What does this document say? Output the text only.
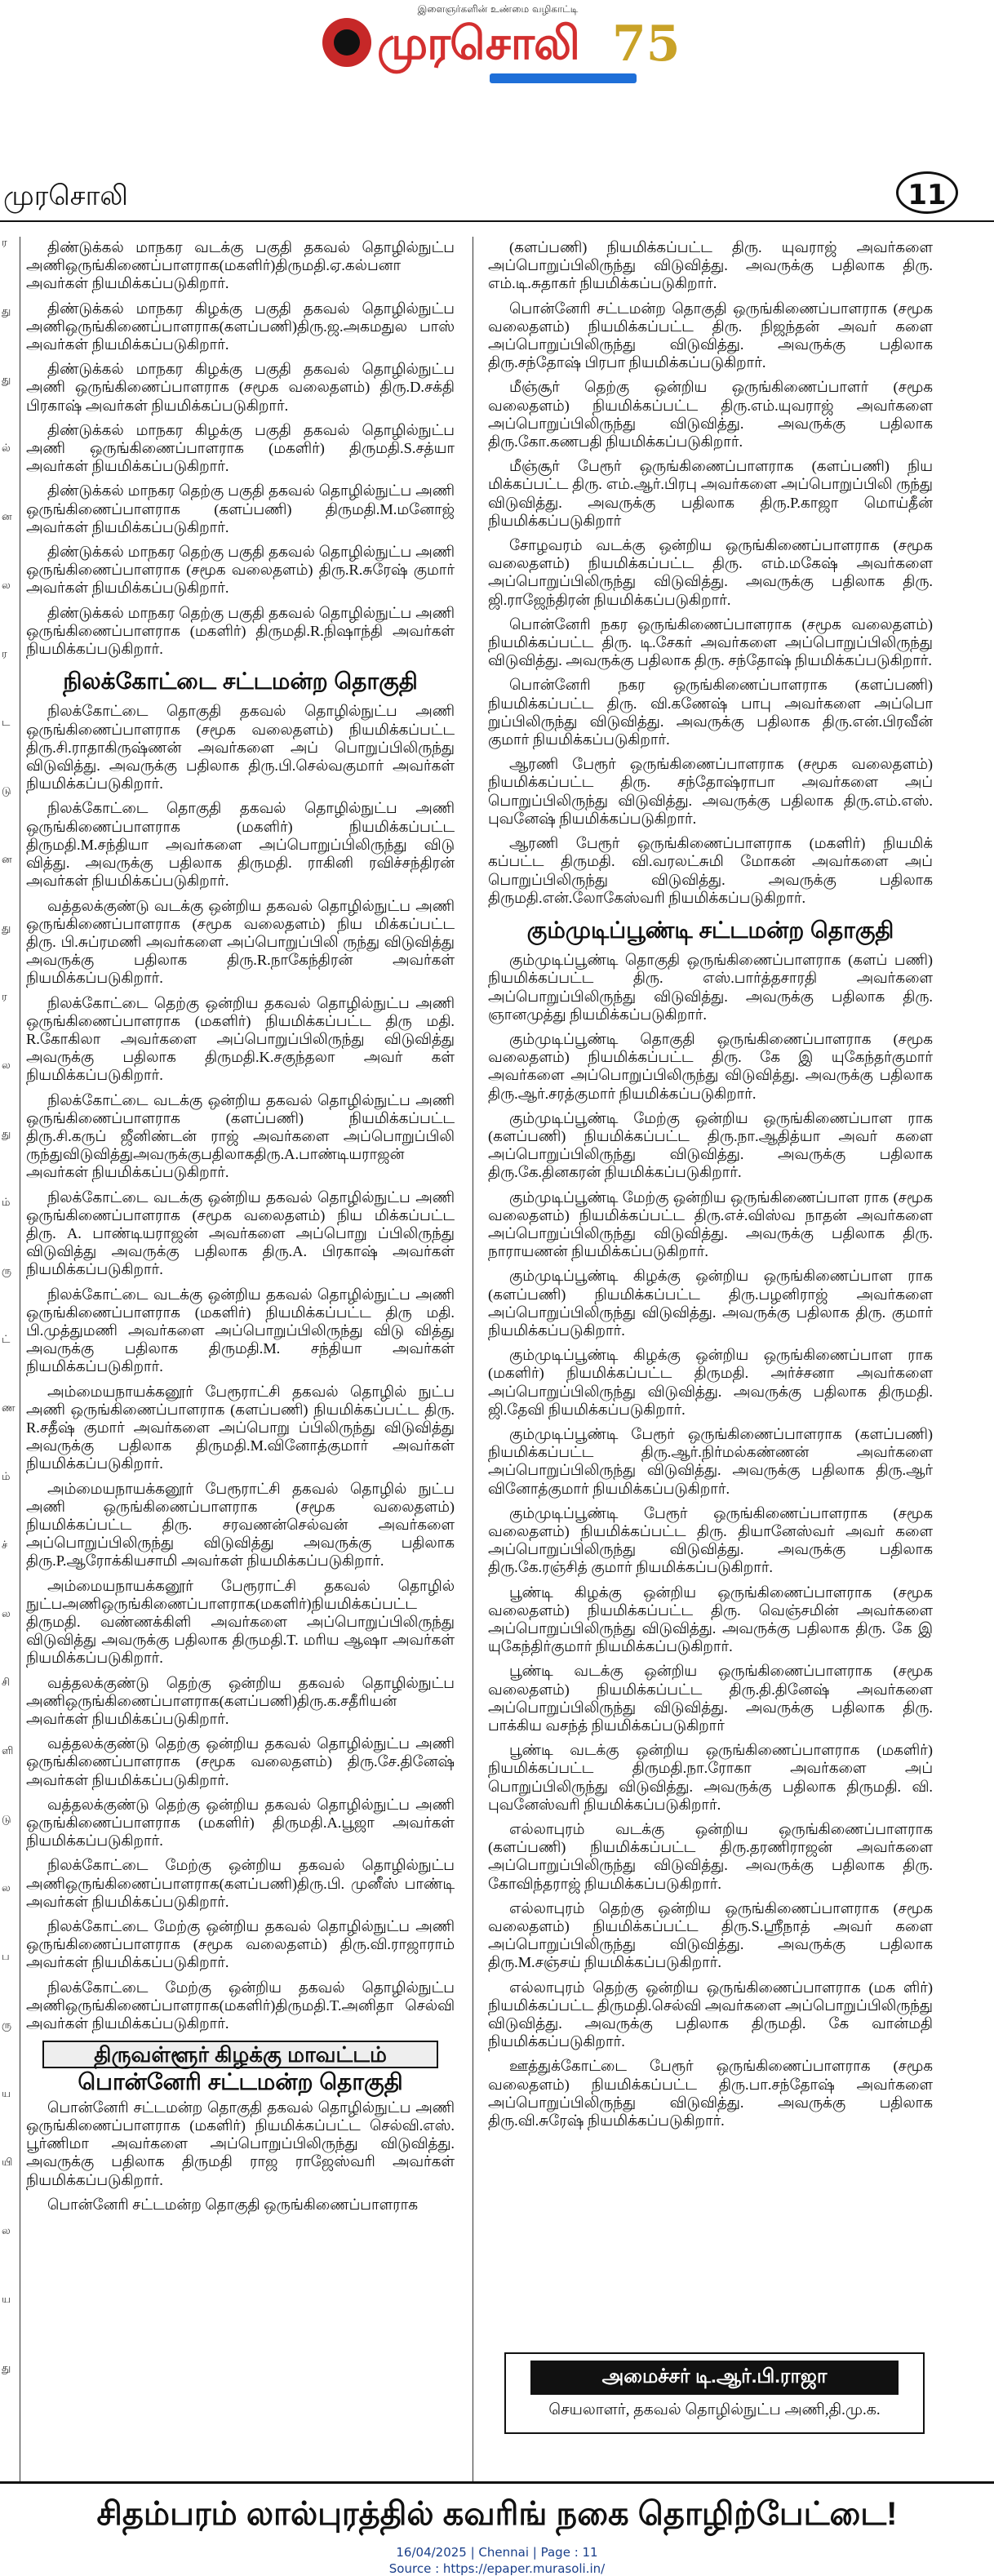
இளைஞர்களின் உண்மை வழிகாட்டி
முரசொலி 75
முரசொலி	11
ர
து
து
ல்
ன
ல
ர
ட
டு
ன
து
ர
ல
து
ம்
ரு
ட்
ண
ம்
ச்
ல
சி
ளி
டு
ல
ப
ரு
ய
யி
ல
ய
து

திண்டுக்கல் மாநகர வடக்கு பகுதி தகவல் தொழில்நுட்ப அணிஒருங்கிணைப்பாளராக(மகளிர்)திருமதி.ஏ.கல்பனா அவர்கள் நியமிக்கப்படுகிறார்.

திண்டுக்கல் மாநகர கிழக்கு பகுதி தகவல் தொழில்நுட்ப அணிஒருங்கிணைப்பாளராக(களப்பணி)திரு.ஜ.அகமதுல பாஸ் அவர்கள் நியமிக்கப்படுகிறார்.

திண்டுக்கல் மாநகர கிழக்கு பகுதி தகவல் தொழில்நுட்ப அணி ஒருங்கிணைப்பாளராக (சமூக வலைதளம்) திரு.D.சக்தி பிரகாஷ் அவர்கள் நியமிக்கப்படுகிறார்.

திண்டுக்கல் மாநகர கிழக்கு பகுதி தகவல் தொழில்நுட்ப அணி ஒருங்கிணைப்பாளராக (மகளிர்) திருமதி.S.சத்யா அவர்கள் நியமிக்கப்படுகிறார்.

திண்டுக்கல் மாநகர தெற்கு பகுதி தகவல் தொழில்நுட்ப அணி ஒருங்கிணைப்பாளராக (களப்பணி) திருமதி.M.மனோஜ் அவர்கள் நியமிக்கப்படுகிறார்.

திண்டுக்கல் மாநகர தெற்கு பகுதி தகவல் தொழில்நுட்ப அணி ஒருங்கிணைப்பாளராக (சமூக வலைதளம்) திரு.R.சுரேஷ் குமார் அவர்கள் நியமிக்கப்படுகிறார்.

திண்டுக்கல் மாநகர தெற்கு பகுதி தகவல் தொழில்நுட்ப அணி ஒருங்கிணைப்பாளராக (மகளிர்) திருமதி.R.நிஷாந்தி அவர்கள் நியமிக்கப்படுகிறார்.

நிலக்கோட்டை சட்டமன்ற தொகுதி

நிலக்கோட்டை தொகுதி தகவல் தொழில்நுட்ப அணி ஒருங்கிணைப்பாளராக (சமூக வலைதளம்) நியமிக்கப்பட்ட திரு.சி.ராதாகிருஷ்ணன் அவர்களை அப் பொறுப்பிலிருந்து விடுவித்து. அவருக்கு பதிலாக திரு.பி.செல்வகுமார் அவர்கள் நியமிக்கப்படுகிறார்.

நிலக்கோட்டை தொகுதி தகவல் தொழில்நுட்ப அணி ஒருங்கிணைப்பாளராக (மகளிர்) நியமிக்கப்பட்ட திருமதி.M.சந்தியா அவர்களை அப்பொறுப்பிலிருந்து விடு வித்து. அவருக்கு பதிலாக திருமதி. ராகினி ரவிச்சந்திரன் அவர்கள் நியமிக்கப்படுகிறார்.

வத்தலக்குண்டு வடக்கு ஒன்றிய தகவல் தொழில்நுட்ப அணி ஒருங்கிணைப்பாளராக (சமூக வலைதளம்) நிய மிக்கப்பட்ட திரு. பி.சுப்ரமணி அவர்களை அப்பொறுப்பிலி ருந்து விடுவித்து அவருக்கு பதிலாக திரு.R.நாகேந்திரன் அவர்கள் நியமிக்கப்படுகிறார்.

நிலக்கோட்டை தெற்கு ஒன்றிய தகவல் தொழில்நுட்ப அணி ஒருங்கிணைப்பாளராக (மகளிர்) நியமிக்கப்பட்ட திரு மதி. R.கோகிலா அவர்களை அப்பொறுப்பிலிருந்து விடுவித்து அவருக்கு பதிலாக திருமதி.K.சகுந்தலா அவர் கள் நியமிக்கப்படுகிறார்.

நிலக்கோட்டை வடக்கு ஒன்றிய தகவல் தொழில்நுட்ப அணி ஒருங்கிணைப்பாளராக (களப்பணி) நியமிக்கப்பட்ட திரு.சி.கருப் ஜீனிண்டன் ராஜ் அவர்களை அப்பொறுப்பிலி ருந்துவிடுவித்துஅவருக்குபதிலாகதிரு.A.பாண்டியராஜன் அவர்கள் நியமிக்கப்படுகிறார்.

நிலக்கோட்டை வடக்கு ஒன்றிய தகவல் தொழில்நுட்ப அணி ஒருங்கிணைப்பாளராக (சமூக வலைதளம்) நிய மிக்கப்பட்ட திரு. A. பாண்டியராஜன் அவர்களை அப்பொறு ப்பிலிருந்து விடுவித்து அவருக்கு பதிலாக திரு.A. பிரகாஷ் அவர்கள் நியமிக்கப்படுகிறார்.

நிலக்கோட்டை வடக்கு ஒன்றிய தகவல் தொழில்நுட்ப அணி ஒருங்கிணைப்பாளராக (மகளிர்) நியமிக்கப்பட்ட திரு மதி. பி.முத்துமணி அவர்களை அப்பொறுப்பிலிருந்து விடு வித்து அவருக்கு பதிலாக திருமதி.M. சந்தியா அவர்கள் நியமிக்கப்படுகிறார்.

அம்மையநாயக்கனூர் பேரூராட்சி தகவல் தொழில் நுட்ப அணி ஒருங்கிணைப்பாளராக (களப்பணி) நியமிக்கப்பட்ட திரு. R.சதீஷ் குமார் அவர்களை அப்பொறு ப்பிலிருந்து விடுவித்து அவருக்கு பதிலாக திருமதி.M.வினோத்குமார் அவர்கள் நியமிக்கப்படுகிறார்.

அம்மையநாயக்கனூர் பேரூராட்சி தகவல் தொழில் நுட்ப அணி ஒருங்கிணைப்பாளராக (சமூக வலைதளம்) நியமிக்கப்பட்ட திரு. சரவணன்செல்வன் அவர்களை அப்பொறுப்பிலிருந்து விடுவித்து அவருக்கு பதிலாக திரு.P.ஆரோக்கியசாமி அவர்கள் நியமிக்கப்படுகிறார்.

அம்மையநாயக்கனூர் பேரூராட்சி தகவல் தொழில் நுட்பஅணிஒருங்கிணைப்பாளராக(மகளிர்)நியமிக்கப்பட்ட திருமதி. வண்ணக்கிளி அவர்களை அப்பொறுப்பிலிருந்து விடுவித்து அவருக்கு பதிலாக திருமதி.T. மரிய ஆஷா அவர்கள் நியமிக்கப்படுகிறார்.

வத்தலக்குண்டு தெற்கு ஒன்றிய தகவல் தொழில்நுட்ப அணிஒருங்கிணைப்பாளராக(களப்பணி)திரு.க.சதீரியன் அவர்கள் நியமிக்கப்படுகிறார்.

வத்தலக்குண்டு தெற்கு ஒன்றிய தகவல் தொழில்நுட்ப அணி ஒருங்கிணைப்பாளராக (சமூக வலைதளம்) திரு.சே.தினேஷ் அவர்கள் நியமிக்கப்படுகிறார்.

வத்தலக்குண்டு தெற்கு ஒன்றிய தகவல் தொழில்நுட்ப அணி ஒருங்கிணைப்பாளராக (மகளிர்) திருமதி.A.பூஜா அவர்கள் நியமிக்கப்படுகிறார்.

நிலக்கோட்டை மேற்கு ஒன்றிய தகவல் தொழில்நுட்ப அணிஒருங்கிணைப்பாளராக(களப்பணி)திரு.பி. முனீஸ் பாண்டி அவர்கள் நியமிக்கப்படுகிறார்.

நிலக்கோட்டை மேற்கு ஒன்றிய தகவல் தொழில்நுட்ப அணி ஒருங்கிணைப்பாளராக (சமூக வலைதளம்) திரு.வி.ராஜாராம் அவர்கள் நியமிக்கப்படுகிறார்.

நிலக்கோட்டை மேற்கு ஒன்றிய தகவல் தொழில்நுட்ப அணிஒருங்கிணைப்பாளராக(மகளிர்)திருமதி.T.அனிதா செல்வி அவர்கள் நியமிக்கப்படுகிறார்.

திருவள்ளூர் கிழக்கு மாவட்டம்
பொன்னேரி சட்டமன்ற தொகுதி

பொன்னேரி சட்டமன்ற தொகுதி தகவல் தொழில்நுட்ப அணி ஒருங்கிணைப்பாளராக (மகளிர்) நியமிக்கப்பட்ட செல்வி.எஸ். பூர்ணிமா அவர்களை அப்பொறுப்பிலிருந்து விடுவித்து. அவருக்கு பதிலாக திருமதி ராஜ ராஜேஸ்வரி அவர்கள் நியமிக்கப்படுகிறார்.

பொன்னேரி சட்டமன்ற தொகுதி ஒருங்கிணைப்பாளராக

(களப்பணி) நியமிக்கப்பட்ட திரு. யுவராஜ் அவர்களை அப்பொறுப்பிலிருந்து விடுவித்து. அவருக்கு பதிலாக திரு. எம்.டி.சுதாகர் நியமிக்கப்படுகிறார்.

பொன்னேரி சட்டமன்ற தொகுதி ஒருங்கிணைப்பாளராக (சமூக வலைதளம்) நியமிக்கப்பட்ட திரு. நிஜந்தன் அவர் களை அப்பொறுப்பிலிருந்து விடுவித்து. அவருக்கு பதிலாக திரு.சந்தோஷ் பிரபா நியமிக்கப்படுகிறார்.

மீஞ்சூர் தெற்கு ஒன்றிய ஒருங்கிணைப்பாளர் (சமூக வலைதளம்) நியமிக்கப்பட்ட திரு.எம்.யுவராஜ் அவர்களை அப்பொறுப்பிலிருந்து விடுவித்து. அவருக்கு பதிலாக திரு.கோ.கணபதி நியமிக்கப்படுகிறார்.

மீஞ்சூர் பேரூர் ஒருங்கிணைப்பாளராக (களப்பணி) நிய மிக்கப்பட்ட திரு. எம்.ஆர்.பிரபு அவர்களை அப்பொறுப்பிலி ருந்து விடுவித்து. அவருக்கு பதிலாக திரு.P.காஜா மொய்தீன் நியமிக்கப்படுகிறார்

சோழவரம் வடக்கு ஒன்றிய ஒருங்கிணைப்பாளராக (சமூக வலைதளம்) நியமிக்கப்பட்ட திரு. எம்.மகேஷ் அவர்களை அப்பொறுப்பிலிருந்து விடுவித்து. அவருக்கு பதிலாக திரு. ஜி.ராஜேந்திரன் நியமிக்கப்படுகிறார்.

பொன்னேரி நகர ஒருங்கிணைப்பாளராக (சமூக வலைதளம்) நியமிக்கப்பட்ட திரு. டி.சேகர் அவர்களை அப்பொறுப்பிலிருந்து விடுவித்து. அவருக்கு பதிலாக திரு. சந்தோஷ் நியமிக்கப்படுகிறார்.

பொன்னேரி நகர ஒருங்கிணைப்பாளராக (களப்பணி) நியமிக்கப்பட்ட திரு. வி.கணேஷ் பாபு அவர்களை அப்பொ றுப்பிலிருந்து விடுவித்து. அவருக்கு பதிலாக திரு.என்.பிரவீன் குமார் நியமிக்கப்படுகிறார்.

ஆரணி பேரூர் ஒருங்கிணைப்பாளராக (சமூக வலைதளம்) நியமிக்கப்பட்ட திரு. சந்தோஷ்ராபா அவர்களை அப் பொறுப்பிலிருந்து விடுவித்து. அவருக்கு பதிலாக திரு.எம்.எஸ். புவனேஷ் நியமிக்கப்படுகிறார்.

ஆரணி பேரூர் ஒருங்கிணைப்பாளராக (மகளிர்) நியமிக் கப்பட்ட திருமதி. வி.வரலட்சுமி மோகன் அவர்களை அப் பொறுப்பிலிருந்து விடுவித்து. அவருக்கு பதிலாக திருமதி.என்.லோகேஸ்வரி நியமிக்கப்படுகிறார்.

கும்முடிப்பூண்டி சட்டமன்ற தொகுதி

கும்முடிப்பூண்டி தொகுதி ஒருங்கிணைப்பாளராக (களப் பணி) நியமிக்கப்பட்ட திரு. எஸ்.பார்த்தசாரதி அவர்களை அப்பொறுப்பிலிருந்து விடுவித்து. அவருக்கு பதிலாக திரு. ஞானமுத்து நியமிக்கப்படுகிறார்.

கும்முடிப்பூண்டி தொகுதி ஒருங்கிணைப்பாளராக (சமூக வலைதளம்) நியமிக்கப்பட்ட திரு. கே இ யுகேந்தர்குமார் அவர்களை அப்பொறுப்பிலிருந்து விடுவித்து. அவருக்கு பதிலாக திரு.ஆர்.சரத்குமார் நியமிக்கப்படுகிறார்.

கும்முடிப்பூண்டி மேற்கு ஒன்றிய ஒருங்கிணைப்பாள ராக (களப்பணி) நியமிக்கப்பட்ட திரு.நா.ஆதித்யா அவர் களை அப்பொறுப்பிலிருந்து விடுவித்து. அவருக்கு பதிலாக திரு.கே.தினகரன் நியமிக்கப்படுகிறார்.

கும்முடிப்பூண்டி மேற்கு ஒன்றிய ஒருங்கிணைப்பாள ராக (சமூக வலைதளம்) நியமிக்கப்பட்ட திரு.எச்.விஸ்வ நாதன் அவர்களை அப்பொறுப்பிலிருந்து விடுவித்து. அவருக்கு பதிலாக திரு. நாராயணன் நியமிக்கப்படுகிறார்.

கும்முடிப்பூண்டி கிழக்கு ஒன்றிய ஒருங்கிணைப்பாள ராக (களப்பணி) நியமிக்கப்பட்ட திரு.பழனிராஜ் அவர்களை அப்பொறுப்பிலிருந்து விடுவித்து. அவருக்கு பதிலாக திரு. குமார் நியமிக்கப்படுகிறார்.

கும்முடிப்பூண்டி கிழக்கு ஒன்றிய ஒருங்கிணைப்பாள ராக (மகளிர்) நியமிக்கப்பட்ட திருமதி. அர்ச்சனா அவர்களை அப்பொறுப்பிலிருந்து விடுவித்து. அவருக்கு பதிலாக திருமதி. ஜி.தேவி நியமிக்கப்படுகிறார்.

கும்முடிப்பூண்டி பேரூர் ஒருங்கிணைப்பாளராக (களப்பணி) நியமிக்கப்பட்ட திரு.ஆர்.நிர்மல்கண்ணன் அவர்களை அப்பொறுப்பிலிருந்து விடுவித்து. அவருக்கு பதிலாக திரு.ஆர் வினோத்குமார் நியமிக்கப்படுகிறார்.

கும்முடிப்பூண்டி பேரூர் ஒருங்கிணைப்பாளராக (சமூக வலைதளம்) நியமிக்கப்பட்ட திரு. தியானேஸ்வர் அவர் களை அப்பொறுப்பிலிருந்து விடுவித்து. அவருக்கு பதிலாக திரு.கே.ரஞ்சித் குமார் நியமிக்கப்படுகிறார்.

பூண்டி கிழக்கு ஒன்றிய ஒருங்கிணைப்பாளராக (சமூக வலைதளம்) நியமிக்கப்பட்ட திரு. வெஞ்சமின் அவர்களை அப்பொறுப்பிலிருந்து விடுவித்து. அவருக்கு பதிலாக திரு. கே இ யுகேந்திர்குமார் நியமிக்கப்படுகிறார்.

பூண்டி வடக்கு ஒன்றிய ஒருங்கிணைப்பாளராக (சமூக வலைதளம்) நியமிக்கப்பட்ட திரு.தி.தினேஷ் அவர்களை அப்பொறுப்பிலிருந்து விடுவித்து. அவருக்கு பதிலாக திரு. பாக்கிய வசந்த் நியமிக்கப்படுகிறார்

பூண்டி வடக்கு ஒன்றிய ஒருங்கிணைப்பாளராக (மகளிர்) நியமிக்கப்பட்ட திருமதி.நா.ரோகா அவர்களை அப் பொறுப்பிலிருந்து விடுவித்து. அவருக்கு பதிலாக திருமதி. வி. புவனேஸ்வரி நியமிக்கப்படுகிறார்.

எல்லாபுரம் வடக்கு ஒன்றிய ஒருங்கிணைப்பாளராக (களப்பணி) நியமிக்கப்பட்ட திரு.தரணிராஜன் அவர்களை அப்பொறுப்பிலிருந்து விடுவித்து. அவருக்கு பதிலாக திரு. கோவிந்தராஜ் நியமிக்கப்படுகிறார்.

எல்லாபுரம் தெற்கு ஒன்றிய ஒருங்கிணைப்பாளராக (சமூக வலைதளம்) நியமிக்கப்பட்ட திரு.S.ஸ்ரீநாத் அவர் களை அப்பொறுப்பிலிருந்து விடுவித்து. அவருக்கு பதிலாக திரு.M.சஞ்சய் நியமிக்கப்படுகிறார்.

எல்லாபுரம் தெற்கு ஒன்றிய ஒருங்கிணைப்பாளராக (மக ளிர்) நியமிக்கப்பட்ட திருமதி.செல்வி அவர்களை அப்பொறுப்பிலிருந்து விடுவித்து. அவருக்கு பதிலாக திருமதி. கே வான்மதி நியமிக்கப்படுகிறார்.

ஊத்துக்கோட்டை பேரூர் ஒருங்கிணைப்பாளராக (சமூக வலைதளம்) நியமிக்கப்பட்ட திரு.பா.சந்தோஷ் அவர்களை அப்பொறுப்பிலிருந்து விடுவித்து. அவருக்கு பதிலாக திரு.வி.சுரேஷ் நியமிக்கப்படுகிறார்.

அமைச்சர் டி.ஆர்.பி.ராஜா
செயலாளர், தகவல் தொழில்நுட்ப அணி,தி.மு.க.
சிதம்பரம் லால்புரத்தில் கவரிங் நகை தொழிற்பேட்டை!
16/04/2025 | Chennai | Page : 11
Source : https://epaper.murasoli.in/
